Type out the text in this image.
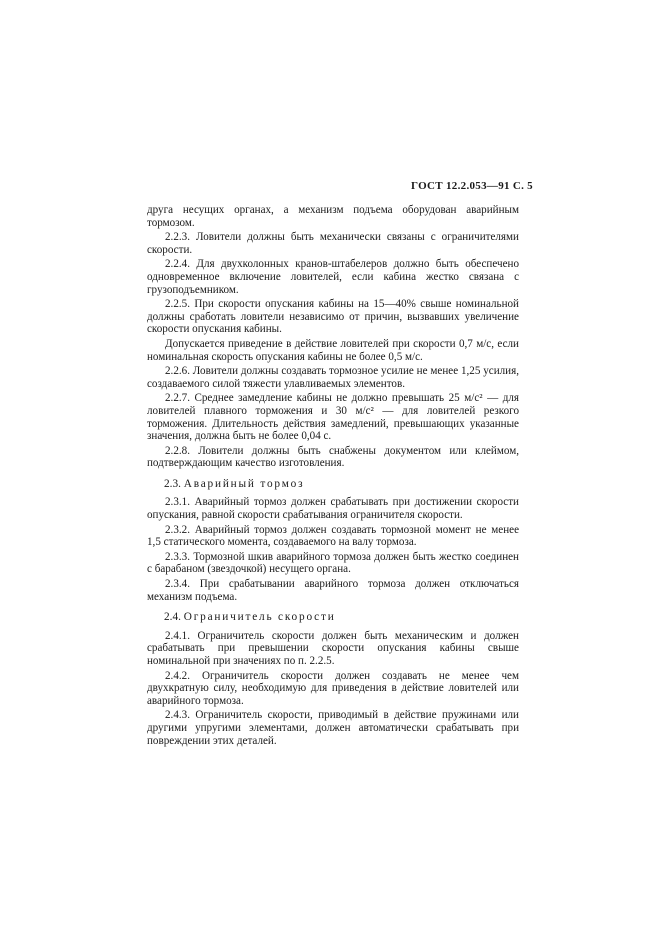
ГОСТ 12.2.053—91 С. 5

друга несущих органах, а механизм подъема оборудован аварийным тормозом.

2.2.3. Ловители должны быть механически связаны с ограничителями скорости.

2.2.4. Для двухколонных кранов-штабелеров должно быть обеспечено одновременное включение ловителей, если кабина жестко связана с грузоподъемником.

2.2.5. При скорости опускания кабины на 15—40% свыше номинальной должны сработать ловители независимо от причин, вызвавших увеличение скорости опускания кабины.

Допускается приведение в действие ловителей при скорости 0,7 м/с, если номинальная скорость опускания кабины не более 0,5 м/с.

2.2.6. Ловители должны создавать тормозное усилие не менее 1,25 усилия, создаваемого силой тяжести улавливаемых элементов.

2.2.7. Среднее замедление кабины не должно превышать 25 м/с² — для ловителей плавного торможения и 30 м/с² — для ловителей резкого торможения. Длительность действия замедлений, превышающих указанные значения, должна быть не более 0,04 с.

2.2.8. Ловители должны быть снабжены документом или клеймом, подтверждающим качество изготовления.

2.3. Аварийный тормоз

2.3.1. Аварийный тормоз должен срабатывать при достижении скорости опускания, равной скорости срабатывания ограничителя скорости.

2.3.2. Аварийный тормоз должен создавать тормозной момент не менее 1,5 статического момента, создаваемого на валу тормоза.

2.3.3. Тормозной шкив аварийного тормоза должен быть жестко соединен с барабаном (звездочкой) несущего органа.

2.3.4. При срабатывании аварийного тормоза должен отключаться механизм подъема.

2.4. Ограничитель скорости

2.4.1. Ограничитель скорости должен быть механическим и должен срабатывать при превышении скорости опускания кабины свыше номинальной при значениях по п. 2.2.5.

2.4.2. Ограничитель скорости должен создавать не менее чем двухкратную силу, необходимую для приведения в действие ловителей или аварийного тормоза.

2.4.3. Ограничитель скорости, приводимый в действие пружинами или другими упругими элементами, должен автоматически срабатывать при повреждении этих деталей.
